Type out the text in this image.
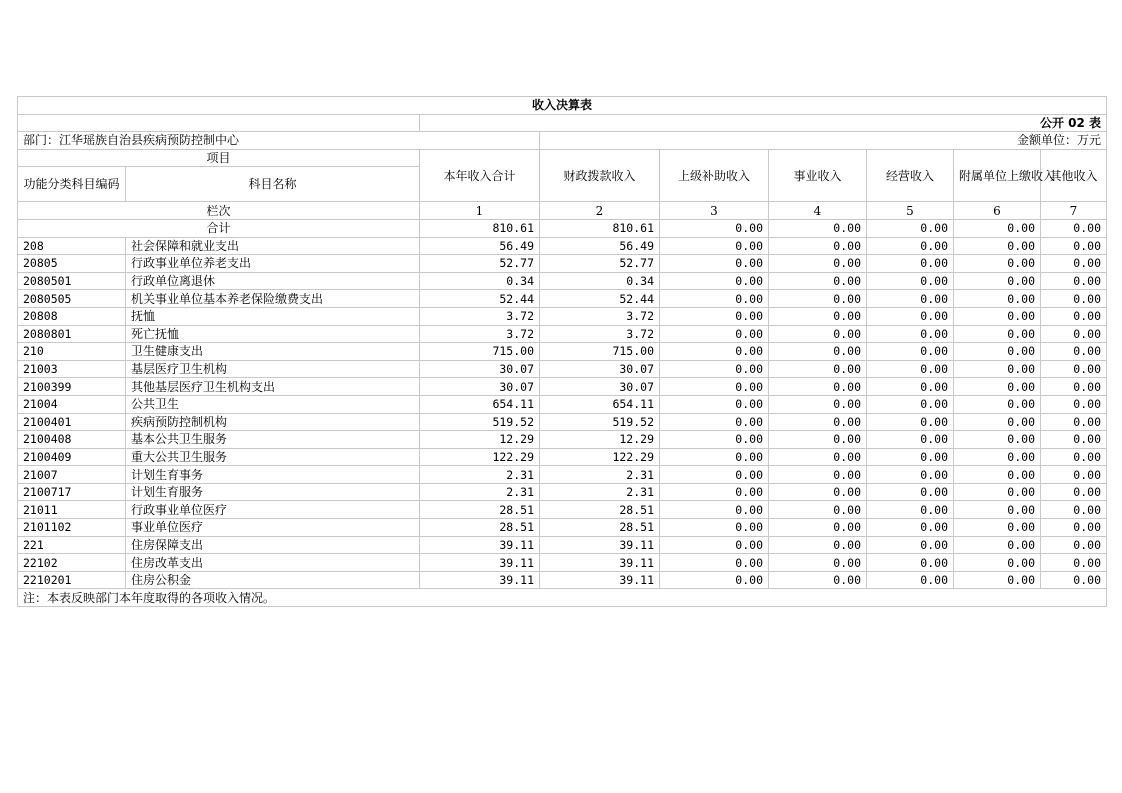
收入决算表								
		公开 02 表						
部门：江华瑶族自治县疾病预防控制中心			金额单位：万元					
项目		本年收入合计	财政拨款收入	上级补助收入	事业收入	经营收入	附属单位上缴收入	其他收入
功能分类科目编码	科目名称							
栏次		1	2	3	4	5	6	7
合计		810.61	810.61	0.00	0.00	0.00	0.00	0.00
208	社会保障和就业支出	56.49	56.49	0.00	0.00	0.00	0.00	0.00
20805	行政事业单位养老支出	52.77	52.77	0.00	0.00	0.00	0.00	0.00
2080501	行政单位离退休	0.34	0.34	0.00	0.00	0.00	0.00	0.00
2080505	机关事业单位基本养老保险缴费支出	52.44	52.44	0.00	0.00	0.00	0.00	0.00
20808	抚恤	3.72	3.72	0.00	0.00	0.00	0.00	0.00
2080801	死亡抚恤	3.72	3.72	0.00	0.00	0.00	0.00	0.00
210	卫生健康支出	715.00	715.00	0.00	0.00	0.00	0.00	0.00
21003	基层医疗卫生机构	30.07	30.07	0.00	0.00	0.00	0.00	0.00
2100399	其他基层医疗卫生机构支出	30.07	30.07	0.00	0.00	0.00	0.00	0.00
21004	公共卫生	654.11	654.11	0.00	0.00	0.00	0.00	0.00
2100401	疾病预防控制机构	519.52	519.52	0.00	0.00	0.00	0.00	0.00
2100408	基本公共卫生服务	12.29	12.29	0.00	0.00	0.00	0.00	0.00
2100409	重大公共卫生服务	122.29	122.29	0.00	0.00	0.00	0.00	0.00
21007	计划生育事务	2.31	2.31	0.00	0.00	0.00	0.00	0.00
2100717	计划生育服务	2.31	2.31	0.00	0.00	0.00	0.00	0.00
21011	行政事业单位医疗	28.51	28.51	0.00	0.00	0.00	0.00	0.00
2101102	事业单位医疗	28.51	28.51	0.00	0.00	0.00	0.00	0.00
221	住房保障支出	39.11	39.11	0.00	0.00	0.00	0.00	0.00
22102	住房改革支出	39.11	39.11	0.00	0.00	0.00	0.00	0.00
2210201	住房公积金	39.11	39.11	0.00	0.00	0.00	0.00	0.00
注：本表反映部门本年度取得的各项收入情况。								
